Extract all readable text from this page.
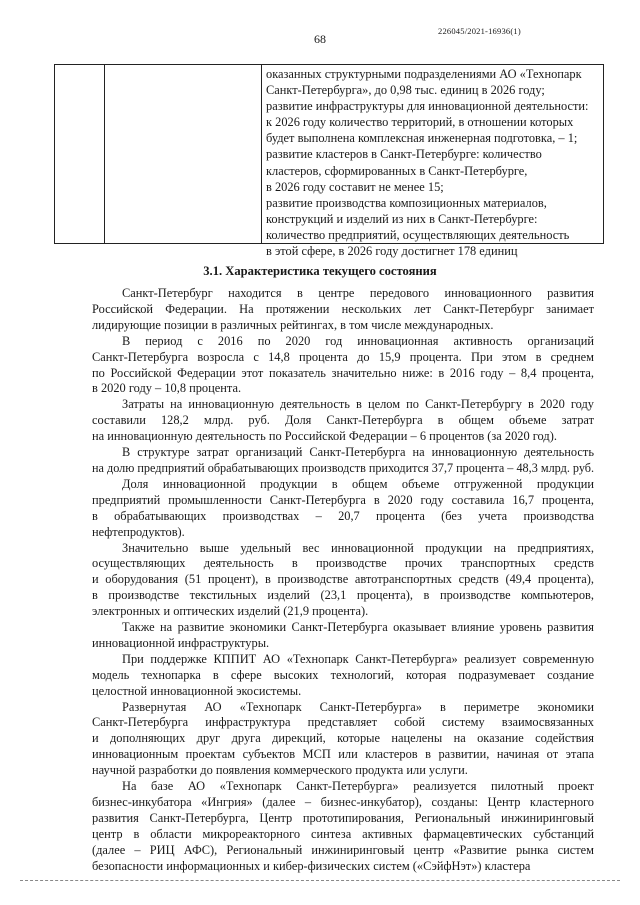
226045/2021-16936(1)
68
оказанных структурными подразделениями АО «Технопарк
Санкт-Петербурга», до 0,98 тыс. единиц в 2026 году;
развитие инфраструктуры для инновационной деятельности:
к 2026 году количество территорий, в отношении которых
будет выполнена комплексная инженерная подготовка, – 1;
развитие кластеров в Санкт-Петербурге: количество
кластеров, сформированных в Санкт-Петербурге,
в 2026 году составит не менее 15;
развитие производства композиционных материалов,
конструкций и изделий из них в Санкт-Петербурге:
количество предприятий, осуществляющих деятельность
в этой сфере, в 2026 году достигнет 178 единиц
3.1. Характеристика текущего состояния
Санкт-Петербург находится в центре передового инновационного развития
Российской Федерации. На протяжении нескольких лет Санкт-Петербург занимает
лидирующие позиции в различных рейтингах, в том числе международных.
В период с 2016 по 2020 год инновационная активность организаций
Санкт-Петербурга возросла с 14,8 процента до 15,9 процента. При этом в среднем
по Российской Федерации этот показатель значительно ниже: в 2016 году – 8,4 процента,
в 2020 году – 10,8 процента.
Затраты на инновационную деятельность в целом по Санкт-Петербургу в 2020 году
составили 128,2 млрд. руб. Доля Санкт-Петербурга в общем объеме затрат
на инновационную деятельность по Российской Федерации – 6 процентов (за 2020 год).
В структуре затрат организаций Санкт-Петербурга на инновационную деятельность
на долю предприятий обрабатывающих производств приходится 37,7 процента – 48,3 млрд. руб.
Доля инновационной продукции в общем объеме отгруженной продукции
предприятий промышленности Санкт-Петербурга в 2020 году составила 16,7 процента,
в обрабатывающих производствах – 20,7 процента (без учета производства
нефтепродуктов).
Значительно выше удельный вес инновационной продукции на предприятиях,
осуществляющих деятельность в производстве прочих транспортных средств
и оборудования (51 процент), в производстве автотранспортных средств (49,4 процента),
в производстве текстильных изделий (23,1 процента), в производстве компьютеров,
электронных и оптических изделий (21,9 процента).
Также на развитие экономики Санкт-Петербурга оказывает влияние уровень развития
инновационной инфраструктуры.
При поддержке КППИТ АО «Технопарк Санкт-Петербурга» реализует современную
модель технопарка в сфере высоких технологий, которая подразумевает создание
целостной инновационной экосистемы.
Развернутая АО «Технопарк Санкт-Петербурга» в периметре экономики
Санкт-Петербурга инфраструктура представляет собой систему взаимосвязанных
и дополняющих друг друга дирекций, которые нацелены на оказание содействия
инновационным проектам субъектов МСП или кластеров в развитии, начиная от этапа
научной разработки до появления коммерческого продукта или услуги.
На базе АО «Технопарк Санкт-Петербурга» реализуется пилотный проект
бизнес-инкубатора «Ингрия» (далее – бизнес-инкубатор), созданы: Центр кластерного
развития Санкт-Петербурга, Центр прототипирования, Региональный инжиниринговый
центр в области микрореакторного синтеза активных фармацевтических субстанций
(далее – РИЦ АФС), Региональный инжиниринговый центр «Развитие рынка систем
безопасности информационных и кибер-физических систем («СэйфНэт») кластера
